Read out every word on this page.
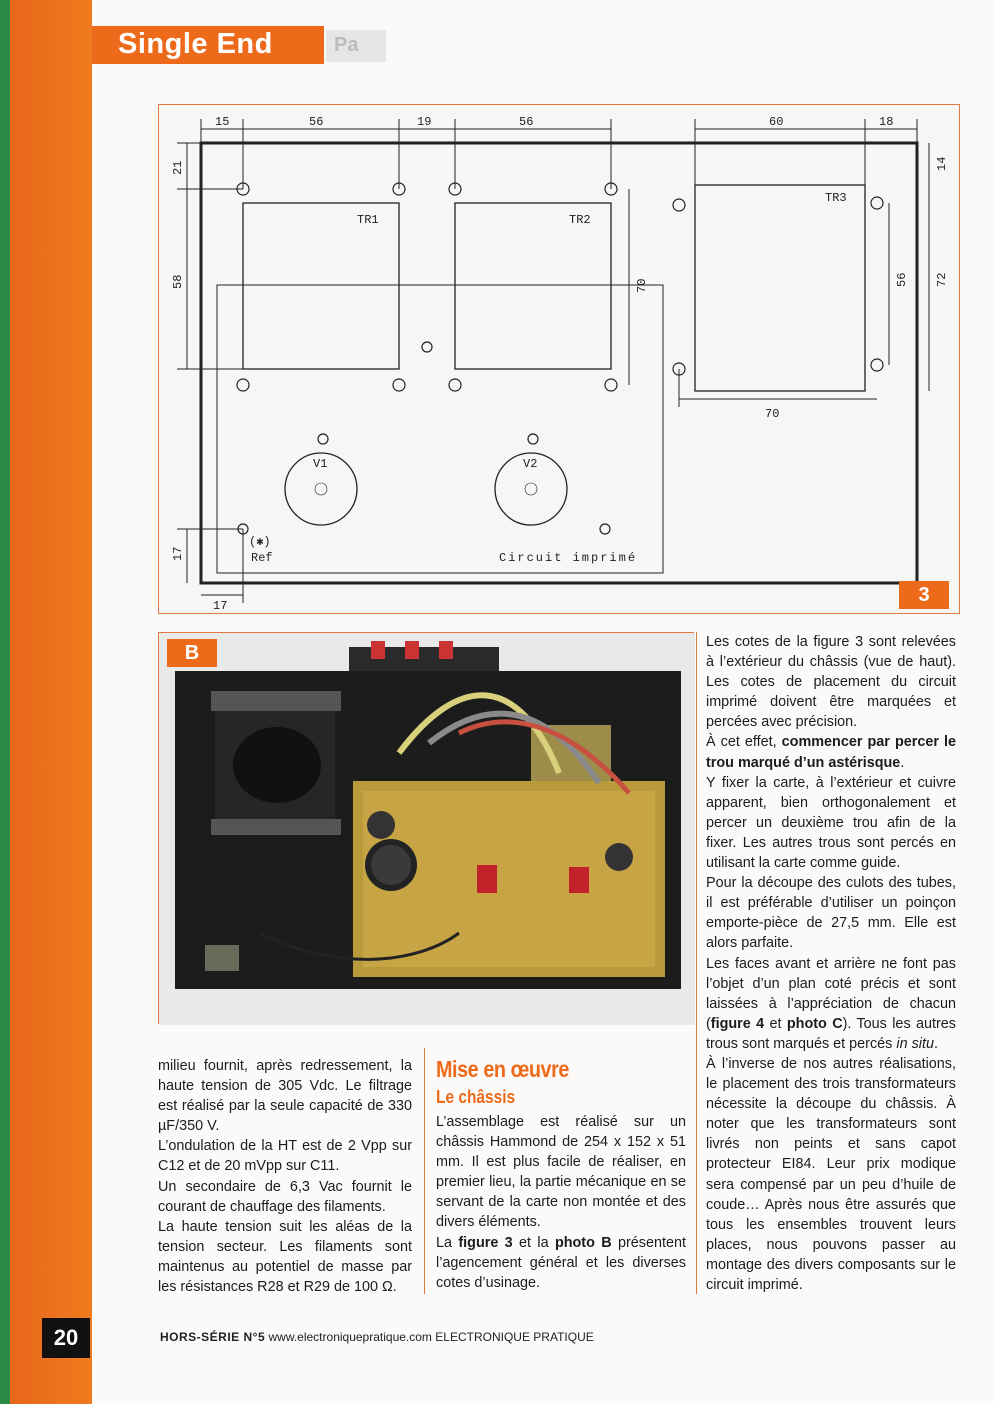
Single End	Pa
15	56	19	56	60	18
21
58
17
17
70
70	56
14
72
TR1	TR2
TR3
V1	V2
(✱)
Ref	Circuit imprimé
3
B

milieu fournit, après redressement, la haute tension de 305 Vdc. Le filtrage est réalisé par la seule capacité de 330 µF/350 V.

L’ondulation de la HT est de 2 Vpp sur C12 et de 20 mVpp sur C11.

Un secondaire de 6,3 Vac fournit le courant de chauffage des filaments.

La haute tension suit les aléas de la tension secteur. Les filaments sont maintenus au potentiel de masse par les résistances R28 et R29 de 100 Ω.

Mise en œuvre
Le châssis

L’assemblage est réalisé sur un châssis Hammond de 254 x 152 x 51 mm. Il est plus facile de réaliser, en premier lieu, la partie mécanique en se servant de la carte non montée et des divers éléments.

La figure 3 et la photo B présentent l’agencement général et les diverses cotes d’usinage.

Les cotes de la figure 3 sont relevées à l’extérieur du châssis (vue de haut). Les cotes de placement du circuit imprimé doivent être marquées et percées avec précision.

À cet effet, commencer par percer le trou marqué d’un astérisque.

Y fixer la carte, à l’extérieur et cuivre apparent, bien orthogonalement et percer un deuxième trou afin de la fixer. Les autres trous sont percés en utilisant la carte comme guide.

Pour la découpe des culots des tubes, il est préférable d’utiliser un poinçon emporte-pièce de 27,5 mm. Elle est alors parfaite.

Les faces avant et arrière ne font pas l’objet d’un plan coté précis et sont laissées à l’appréciation de chacun (figure 4 et photo C). Tous les autres trous sont marqués et percés in situ.

À l’inverse de nos autres réalisations, le placement des trois transformateurs nécessite la découpe du châssis. À noter que les transformateurs sont livrés non peints et sans capot protecteur EI84. Leur prix modique sera compensé par un peu d’huile de coude… Après nous être assurés que tous les ensembles trouvent leurs places, nous pouvons passer au montage des divers composants sur le circuit imprimé.

20	HORS-SÉRIE N°5 www.electroniquepratique.com ELECTRONIQUE PRATIQUE
